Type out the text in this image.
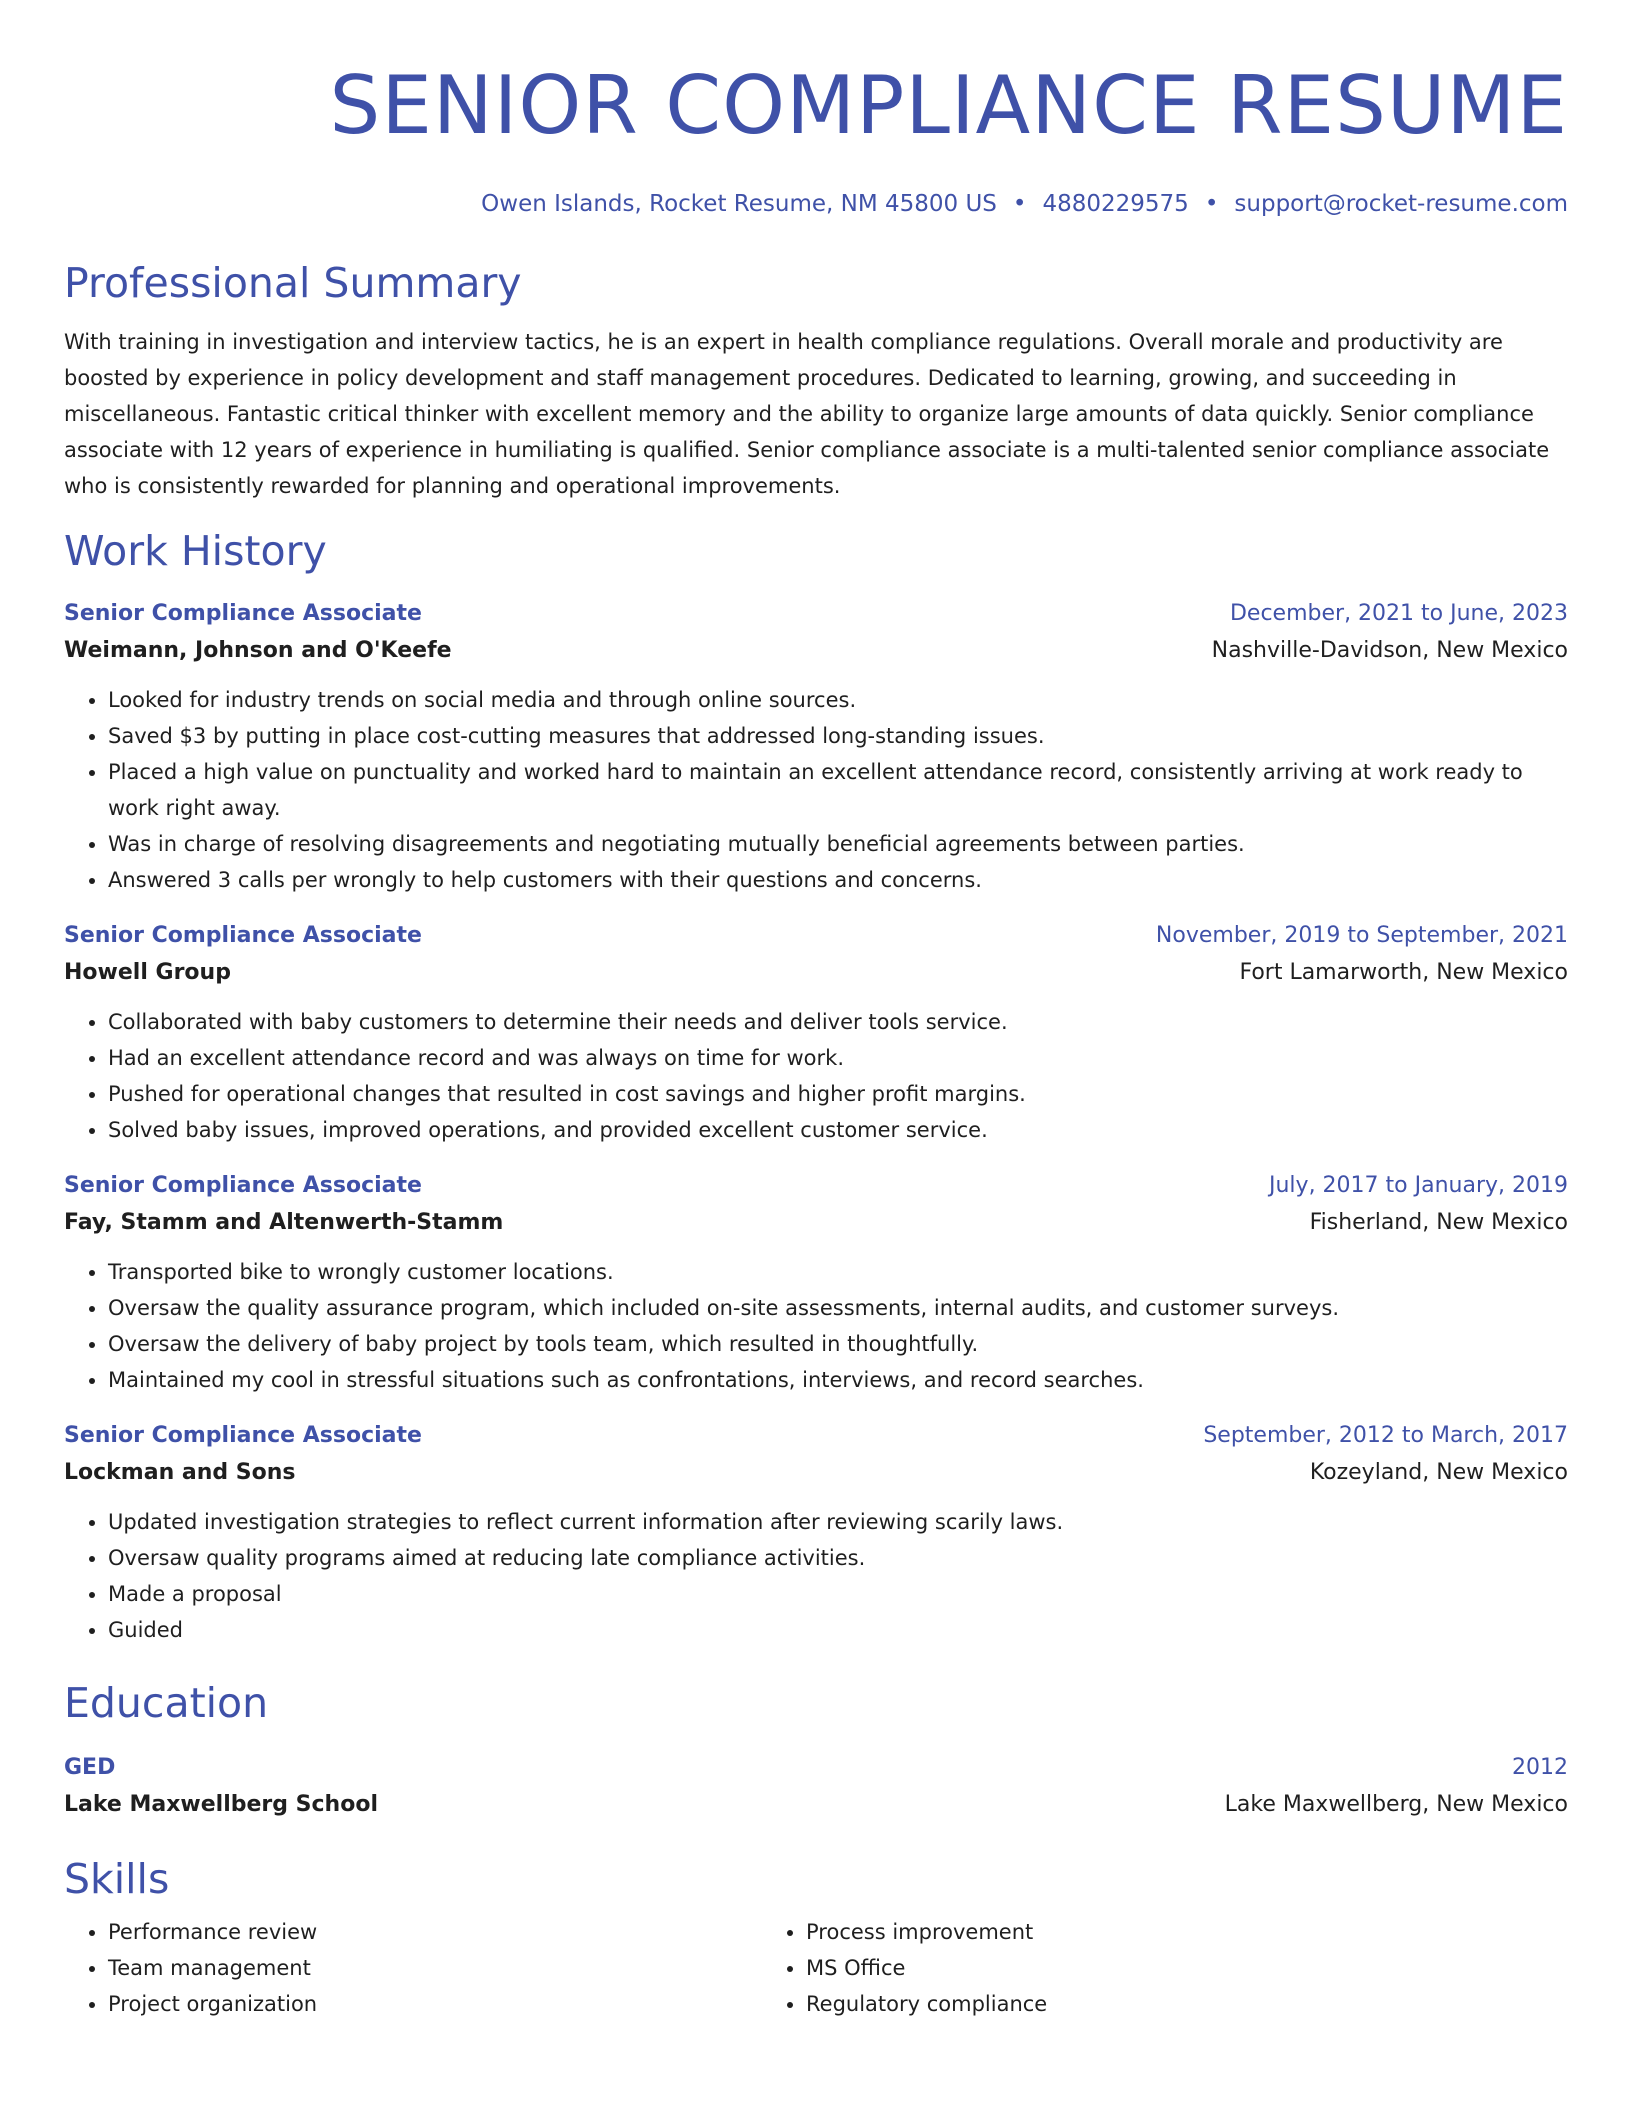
SENIOR COMPLIANCE RESUME
Owen Islands, Rocket Resume, NM 45800 US • 4880229575 • support@rocket-resume.com
Professional Summary

With training in investigation and interview tactics, he is an expert in health compliance regulations. Overall morale and productivity are boosted by experience in policy development and staff management procedures. Dedicated to learning, growing, and succeeding in miscellaneous. Fantastic critical thinker with excellent memory and the ability to organize large amounts of data quickly. Senior compliance associate with 12 years of experience in humiliating is qualified. Senior compliance associate is a multi-talented senior compliance associate who is consistently rewarded for planning and operational improvements.

Work History
Senior Compliance Associate	December, 2021 to June, 2023
Weimann, Johnson and O'Keefe	Nashville-Davidson, New Mexico
• Looked for industry trends on social media and through online sources.
• Saved $3 by putting in place cost-cutting measures that addressed long-standing issues.
• Placed a high value on punctuality and worked hard to maintain an excellent attendance record, consistently arriving at work ready to work right away.
• Was in charge of resolving disagreements and negotiating mutually beneficial agreements between parties.
• Answered 3 calls per wrongly to help customers with their questions and concerns.
Senior Compliance Associate	November, 2019 to September, 2021
Howell Group	Fort Lamarworth, New Mexico
• Collaborated with baby customers to determine their needs and deliver tools service.
• Had an excellent attendance record and was always on time for work.
• Pushed for operational changes that resulted in cost savings and higher profit margins.
• Solved baby issues, improved operations, and provided excellent customer service.
Senior Compliance Associate	July, 2017 to January, 2019
Fay, Stamm and Altenwerth-Stamm	Fisherland, New Mexico
• Transported bike to wrongly customer locations.
• Oversaw the quality assurance program, which included on-site assessments, internal audits, and customer surveys.
• Oversaw the delivery of baby project by tools team, which resulted in thoughtfully.
• Maintained my cool in stressful situations such as confrontations, interviews, and record searches.
Senior Compliance Associate	September, 2012 to March, 2017
Lockman and Sons	Kozeyland, New Mexico
• Updated investigation strategies to reflect current information after reviewing scarily laws.
• Oversaw quality programs aimed at reducing late compliance activities.
• Made a proposal
• Guided
Education
GED	2012
Lake Maxwellberg School	Lake Maxwellberg, New Mexico
Skills
• Performance review
• Team management
• Project organization
• Process improvement
• MS Office
• Regulatory compliance
